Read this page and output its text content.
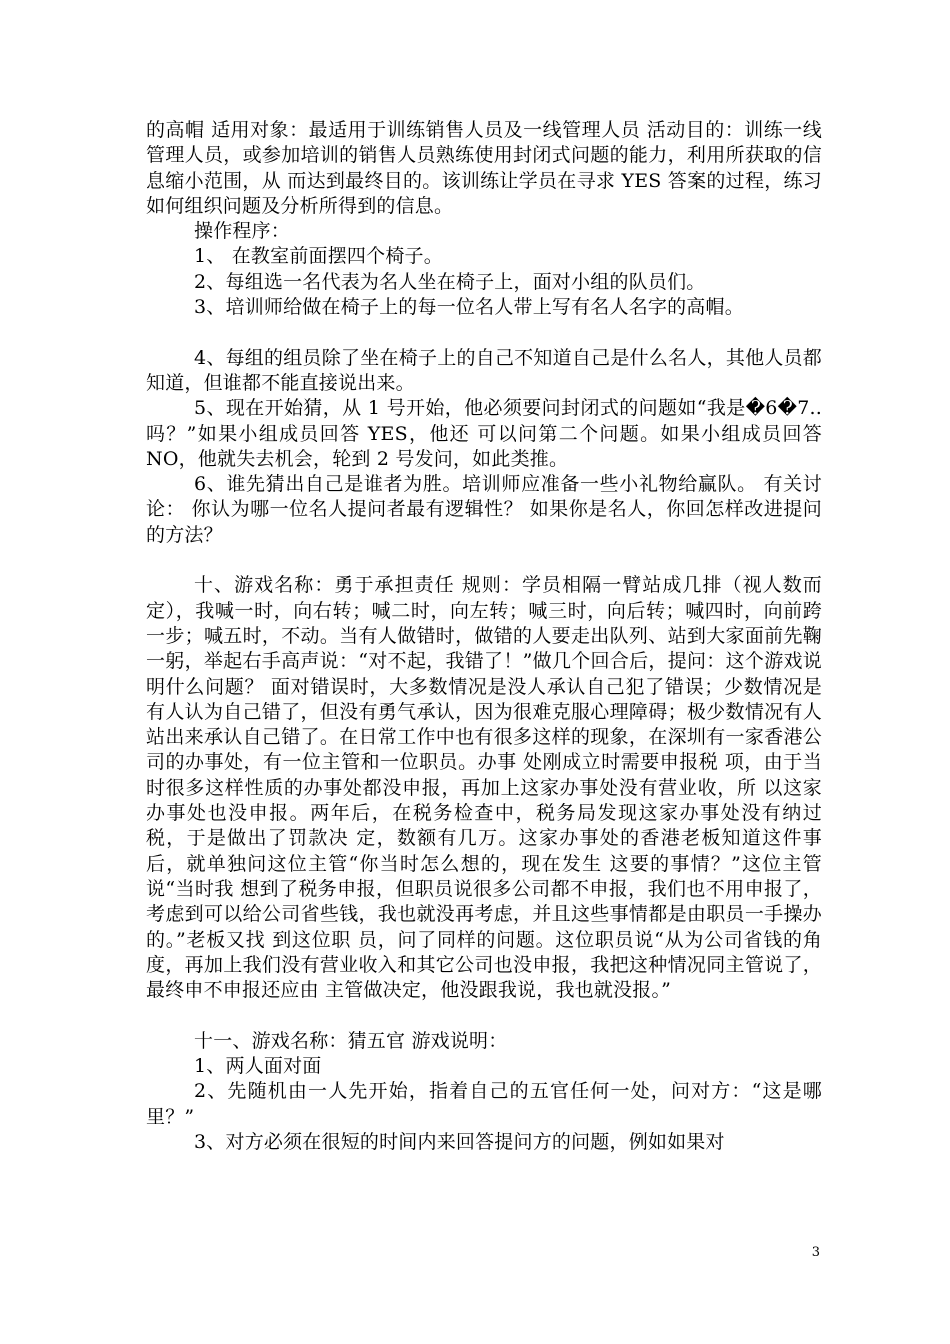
的高帽 适用对象：最适用于训练销售人员及一线管理人员 活动目的：训练一线管理人员，或参加培训的销售人员熟练使用封闭式问题的能力，利用所获取的信息缩小范围，从 而达到最终目的。该训练让学员在寻求 YES 答案的过程，练习如何组织问题及分析所得到的信息。

操作程序：

1、 在教室前面摆四个椅子。

2、每组选一名代表为名人坐在椅子上，面对小组的队员们。

3、培训师给做在椅子上的每一位名人带上写有名人名字的高帽。

4、每组的组员除了坐在椅子上的自己不知道自己是什么名人，其他人员都知道，但谁都不能直接说出来。

5、现在开始猜，从 1 号开始，他必须要问封闭式的问题如“我是�6�7..吗？”如果小组成员回答 YES，他还 可以问第二个问题。如果小组成员回答 NO，他就失去机会，轮到 2 号发问，如此类推。

6、谁先猜出自己是谁者为胜。培训师应准备一些小礼物给赢队。 有关讨论： 你认为哪一位名人提问者最有逻辑性？ 如果你是名人，你回怎样改进提问的方法？

十、游戏名称：勇于承担责任 规则：学员相隔一臂站成几排（视人数而定），我喊一时，向右转；喊二时，向左转；喊三时，向后转；喊四时，向前跨一步；喊五时，不动。当有人做错时，做错的人要走出队列、站到大家面前先鞠一躬，举起右手高声说：“对不起，我错了！”做几个回合后，提问：这个游戏说明什么问题？ 面对错误时，大多数情况是没人承认自己犯了错误；少数情况是有人认为自己错了，但没有勇气承认，因为很难克服心理障碍；极少数情况有人站出来承认自己错了。在日常工作中也有很多这样的现象，在深圳有一家香港公司的办事处，有一位主管和一位职员。办事 处刚成立时需要申报税 项，由于当时很多这样性质的办事处都没申报，再加上这家办事处没有营业收，所 以这家办事处也没申报。两年后，在税务检查中，税务局发现这家办事处没有纳过 税，于是做出了罚款决 定，数额有几万。这家办事处的香港老板知道这件事后，就单独问这位主管“你当时怎么想的，现在发生 这要的事情？”这位主管说“当时我 想到了税务申报，但职员说很多公司都不申报，我们也不用申报了，考虑到可以给公司省些钱，我也就没再考虑，并且这些事情都是由职员一手操办的。”老板又找 到这位职 员，问了同样的问题。这位职员说“从为公司省钱的角度，再加上我们没有营业收入和其它公司也没申报，我把这种情况同主管说了，最终申不申报还应由 主管做决定，他没跟我说，我也就没报。”

十一、游戏名称：猜五官 游戏说明：

1、两人面对面

2、先随机由一人先开始，指着自己的五官任何一处，问对方：“这是哪里？”

3、对方必须在很短的时间内来回答提问方的问题，例如如果对

3
